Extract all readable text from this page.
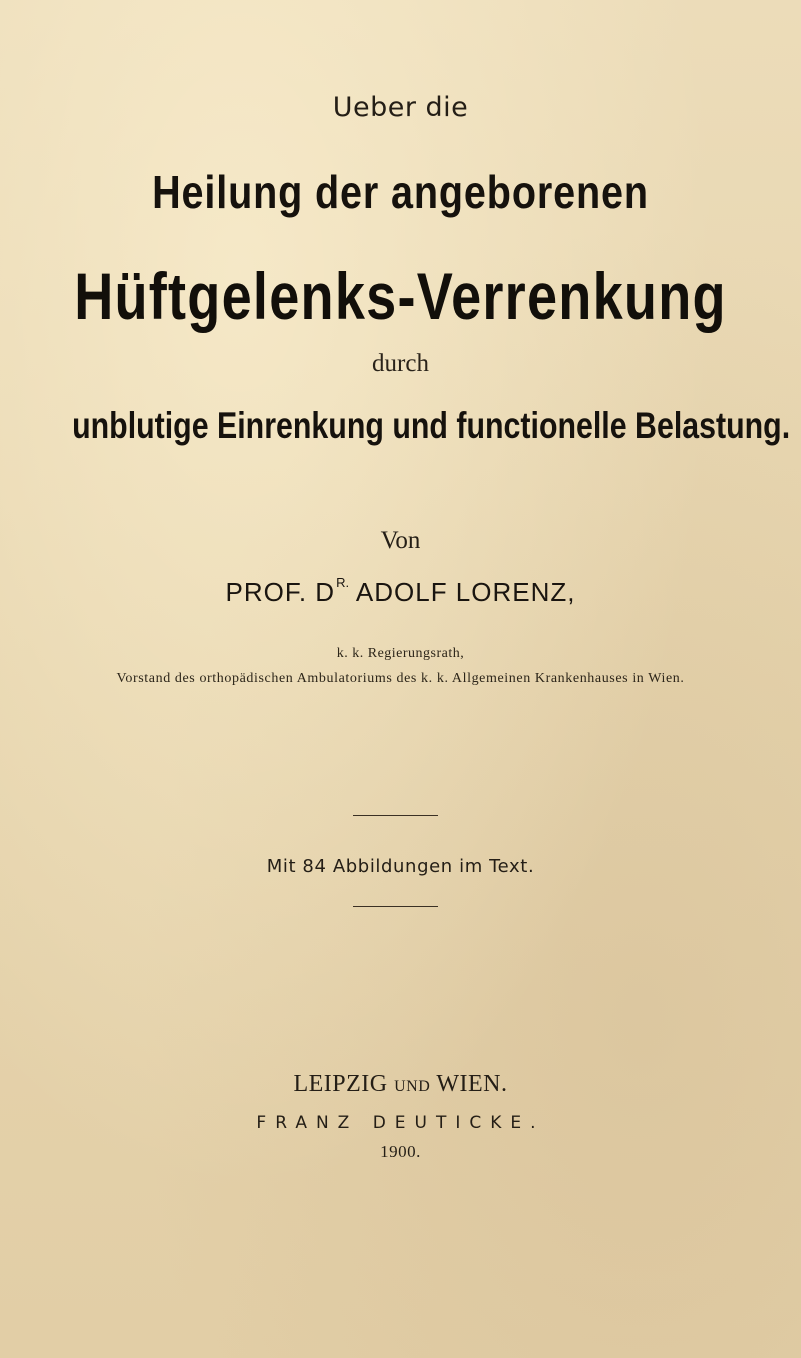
Ueber die

Heilung der angeborenen

Hüftgelenks-Verrenkung

durch

unblutige Einrenkung und functionelle Belastung.

Von

PROF. $D^{R.}$ ADOLF LORENZ,

k. k. Regierungsrath,

Vorstand des orthopädischen Ambulatoriums des k. k. Allgemeinen Krankenhauses in Wien.

Mit 84 Abbildungen im Text.

LEIPZIG UND WIEN.

FRANZ DEUTICKE.

1900.
